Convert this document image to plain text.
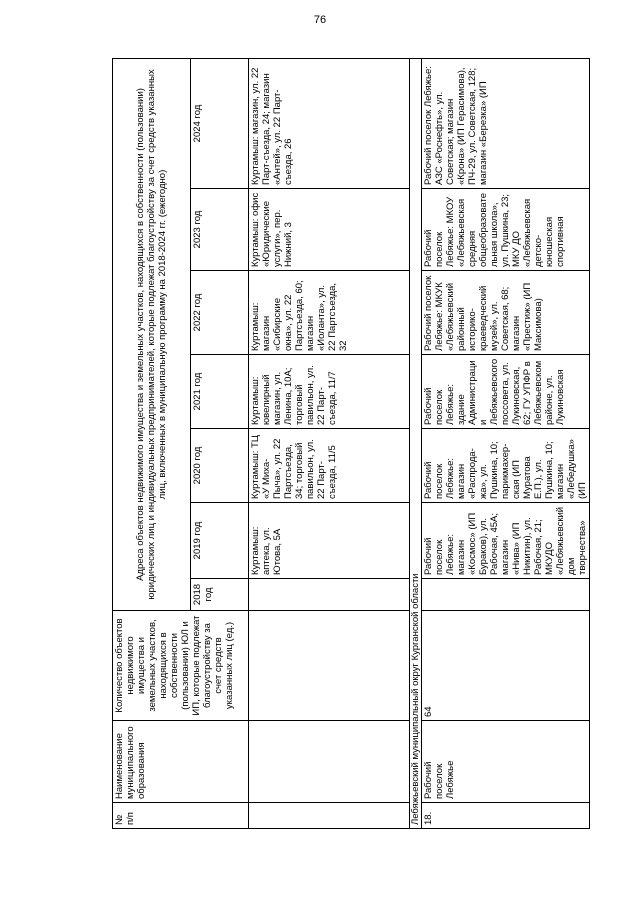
76
№ п/п	Наименование муниципального образования	Количество объектов недвижимого имущества и земельных участков, находящихся в собственности (пользовании) ЮЛ и ИП, которые подлежат благоустройству за счет средств указанных лиц (ед.)	Адреса объектов недвижимого имущества и земельных участков, находящихся в собственности (пользовании) юридических лиц и индивидуальных предпринимателей, которые подлежат благоустройству за счет средств указанных лиц, включенных в муниципальную программу на 2018-2024 гг. (ежегодно)						
			2018 год	2019 год	2020 год	2021 год	2022 год	2023 год	2024 год
				Куртамыш: аптека, ул. Ютова, 5А	Куртамыш: ТЦ «У Миха-Пыча», ул. 22 Партсъезда, 34; торговый павильон, ул. 22 Парт-съезда, 11/5	Куртамыш: ювелирный магазин, ул. Ленина, 10А; торговый павильон, ул. 22 Парт-съезда, 11/7	Куртамыш: магазин «Сибирские окна», ул. 22 Партсъезда, 60; магазин «Иоланта», ул. 22 Партсъезда, 32	Куртамыш: офис «Юридические услуги», пер. Нижний, 3	Куртамыш: магазин, ул. 22 Парт-съезда, 24; магазин «Антей», ул. 22 Парт-съезда, 26
Лебяжьевский муниципальный округ Курганской области									
18.	Рабочий поселок Лебяжье	64		Рабочий поселок Лебяжье: магазин «Космос» (ИП Бураков), ул. Рабочая, 45А; магазин «Нива» (ИП Никитин), ул. Рабочая, 21; МКУДО «Лебяжьевский дом творчества»	Рабочий поселок Лебяжье: магазин «Распрода-жа», ул. Пушкина, 10; парикмахер-ская (ИП Муратова Е.П.), ул. Пушкина, 10; магазин «Лебедушка» (ИП	Рабочий поселок Лебяжье: здание Администрации Лебяжьевского поссовета, ул. Лукиновская, 62; ГУ УПФР в Лебяжьевском районе, ул. Лукиновская	Рабочий поселок Лебяжье: МКУК «Лебяжьевский районный историко-краеведческий музей», ул. Советская, 68; магазин «Престиж» (ИП Максимова)	Рабочий поселок Лебяжье: МКОУ «Лебяжьевская средняя общеобразовательная школа», ул. Пушкина, 23; МКУ ДО «Лебяжьевская детско-юношеская спортивная	Рабочий поселок Лебяжье: АЗС «Роснефть», ул. Советская; магазин «Крона» (ИП Герасимова), ПЧ-29, ул. Советская, 128; магазин «Березка» (ИП
